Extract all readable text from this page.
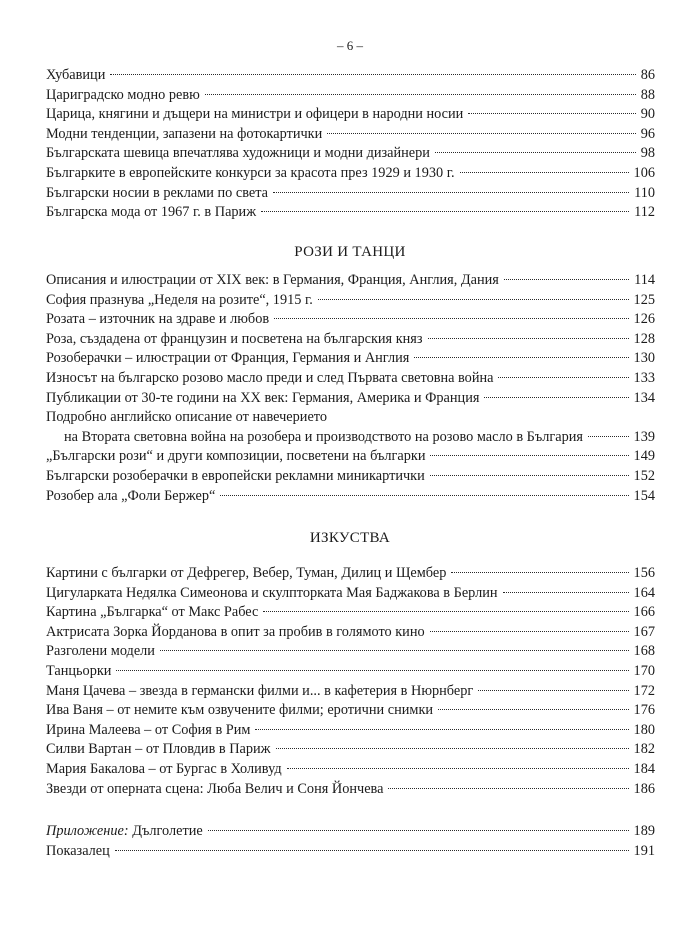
– 6 –
Хубавици	86
Цариградско модно ревю	88
Царица, княгини и дъщери на министри и офицери в народни носии	90
Модни тенденции, запазени на фотокартички	96
Българската шевица впечатлява художници и модни дизайнери	98
Българките в европейските конкурси за красота през 1929 и 1930 г.	106
Български носии в реклами по света	110
Българска мода от 1967 г. в Париж	112
РОЗИ И ТАНЦИ
Описания и илюстрации от XIX век: в Германия, Франция, Англия, Дания	114
София празнува „Неделя на розите“, 1915 г.	125
Розата – източник на здраве и любов	126
Роза, създадена от французин и посветена на българския княз	128
Розоберачки – илюстрации от Франция, Германия и Англия	130
Износът на българско розово масло преди и след Първата световна война	133
Публикации от 30-те години на XX век: Германия, Америка и Франция	134
Подробно английско описание от навечерието
на Втората световна война на розобера и производството на розово масло в България	139
„Български рози“ и други композиции, посветени на българки	149
Български розоберачки в европейски рекламни миникартички	152
Розобер ала „Фоли Бержер“	154
ИЗКУСТВА
Картини с българки от Дефрегер, Вебер, Туман, Дилиц и Щембер	156
Цигуларката Недялка Симеонова и скулпторката Мая Баджакова в Берлин	164
Картина „Българка“ от Макс Рабес	166
Актрисата Зорка Йорданова в опит за пробив в голямото кино	167
Разголени модели	168
Танцьорки	170
Маня Цачева – звезда в германски филми и... в кафетерия в Нюрнберг	172
Ива Ваня – от немите към озвучените филми; еротични снимки	176
Ирина Малеева – от София в Рим	180
Силви Вартан – от Пловдив в Париж	182
Мария Бакалова – от Бургас в Холивуд	184
Звезди от оперната сцена: Люба Велич и Соня Йончева	186
Приложение: Дълголетие	189
Показалец	191
